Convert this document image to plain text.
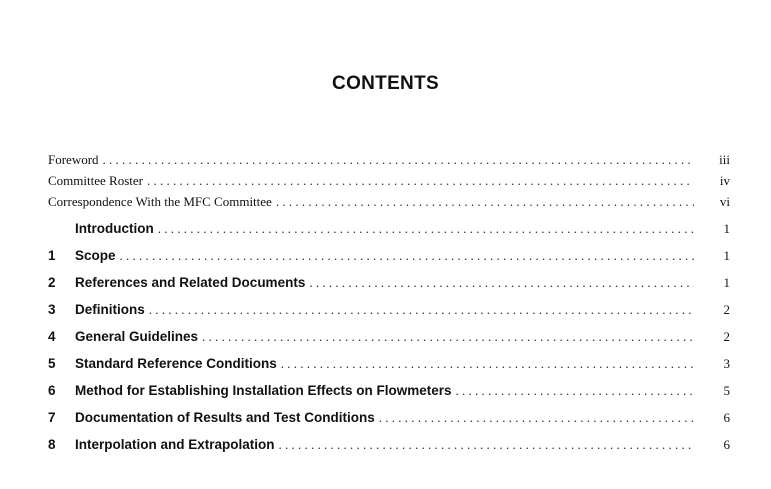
CONTENTS
Foreword . . .	iii
Committee Roster . . .	iv
Correspondence With the MFC Committee . . .	vi
Introduction . . .	1
1	Scope . . .	1
2	References and Related Documents . . .	1
3	Definitions . . .	2
4	General Guidelines . . .	2
5	Standard Reference Conditions . . .	3
6	Method for Establishing Installation Effects on Flowmeters . . .	5
7	Documentation of Results and Test Conditions . . .	6
8	Interpolation and Extrapolation . . .	6
